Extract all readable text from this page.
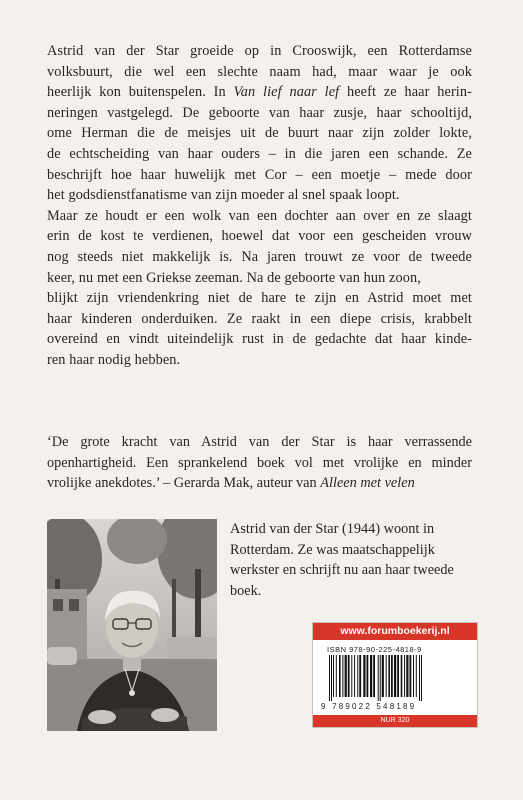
Astrid van der Star groeide op in Crooswijk, een Rotterdamse
volksbuurt, die wel een slechte naam had, maar waar je ook
heerlijk kon buitenspelen. In Van lief naar lef heeft ze haar herin-
neringen vastgelegd. De geboorte van haar zusje, haar schooltijd,
ome Herman die de meisjes uit de buurt naar zijn zolder lokte,
de echtscheiding van haar ouders – in die jaren een schande. Ze
beschrijft hoe haar huwelijk met Cor – een moetje – mede door
het godsdienstfanatisme van zijn moeder al snel spaak loopt.
Maar ze houdt er een wolk van een dochter aan over en ze slaagt
erin de kost te verdienen, hoewel dat voor een gescheiden vrouw
nog steeds niet makkelijk is. Na jaren trouwt ze voor de tweede
keer, nu met een Griekse zeeman. Na de geboorte van hun zoon,
blijkt zijn vriendenkring niet de hare te zijn en Astrid moet met
haar kinderen onderduiken. Ze raakt in een diepe crisis, krabbelt
overeind en vindt uiteindelijk rust in de gedachte dat haar kinde-
ren haar nodig hebben.
‘De grote kracht van Astrid van der Star is haar verrassende
openhartigheid. Een sprankelend boek vol met vrolijke en minder
vrolijke anekdotes.’ – Gerarda Mak, auteur van Alleen met velen
Astrid van der Star (1944) woont in
Rotterdam. Ze was maatschappelijk
werkster en schrijft nu aan haar tweede
boek.
www.forumboekerij.nl
ISBN 978-90-225-4818-9
9 789022 548189
NUR 320
